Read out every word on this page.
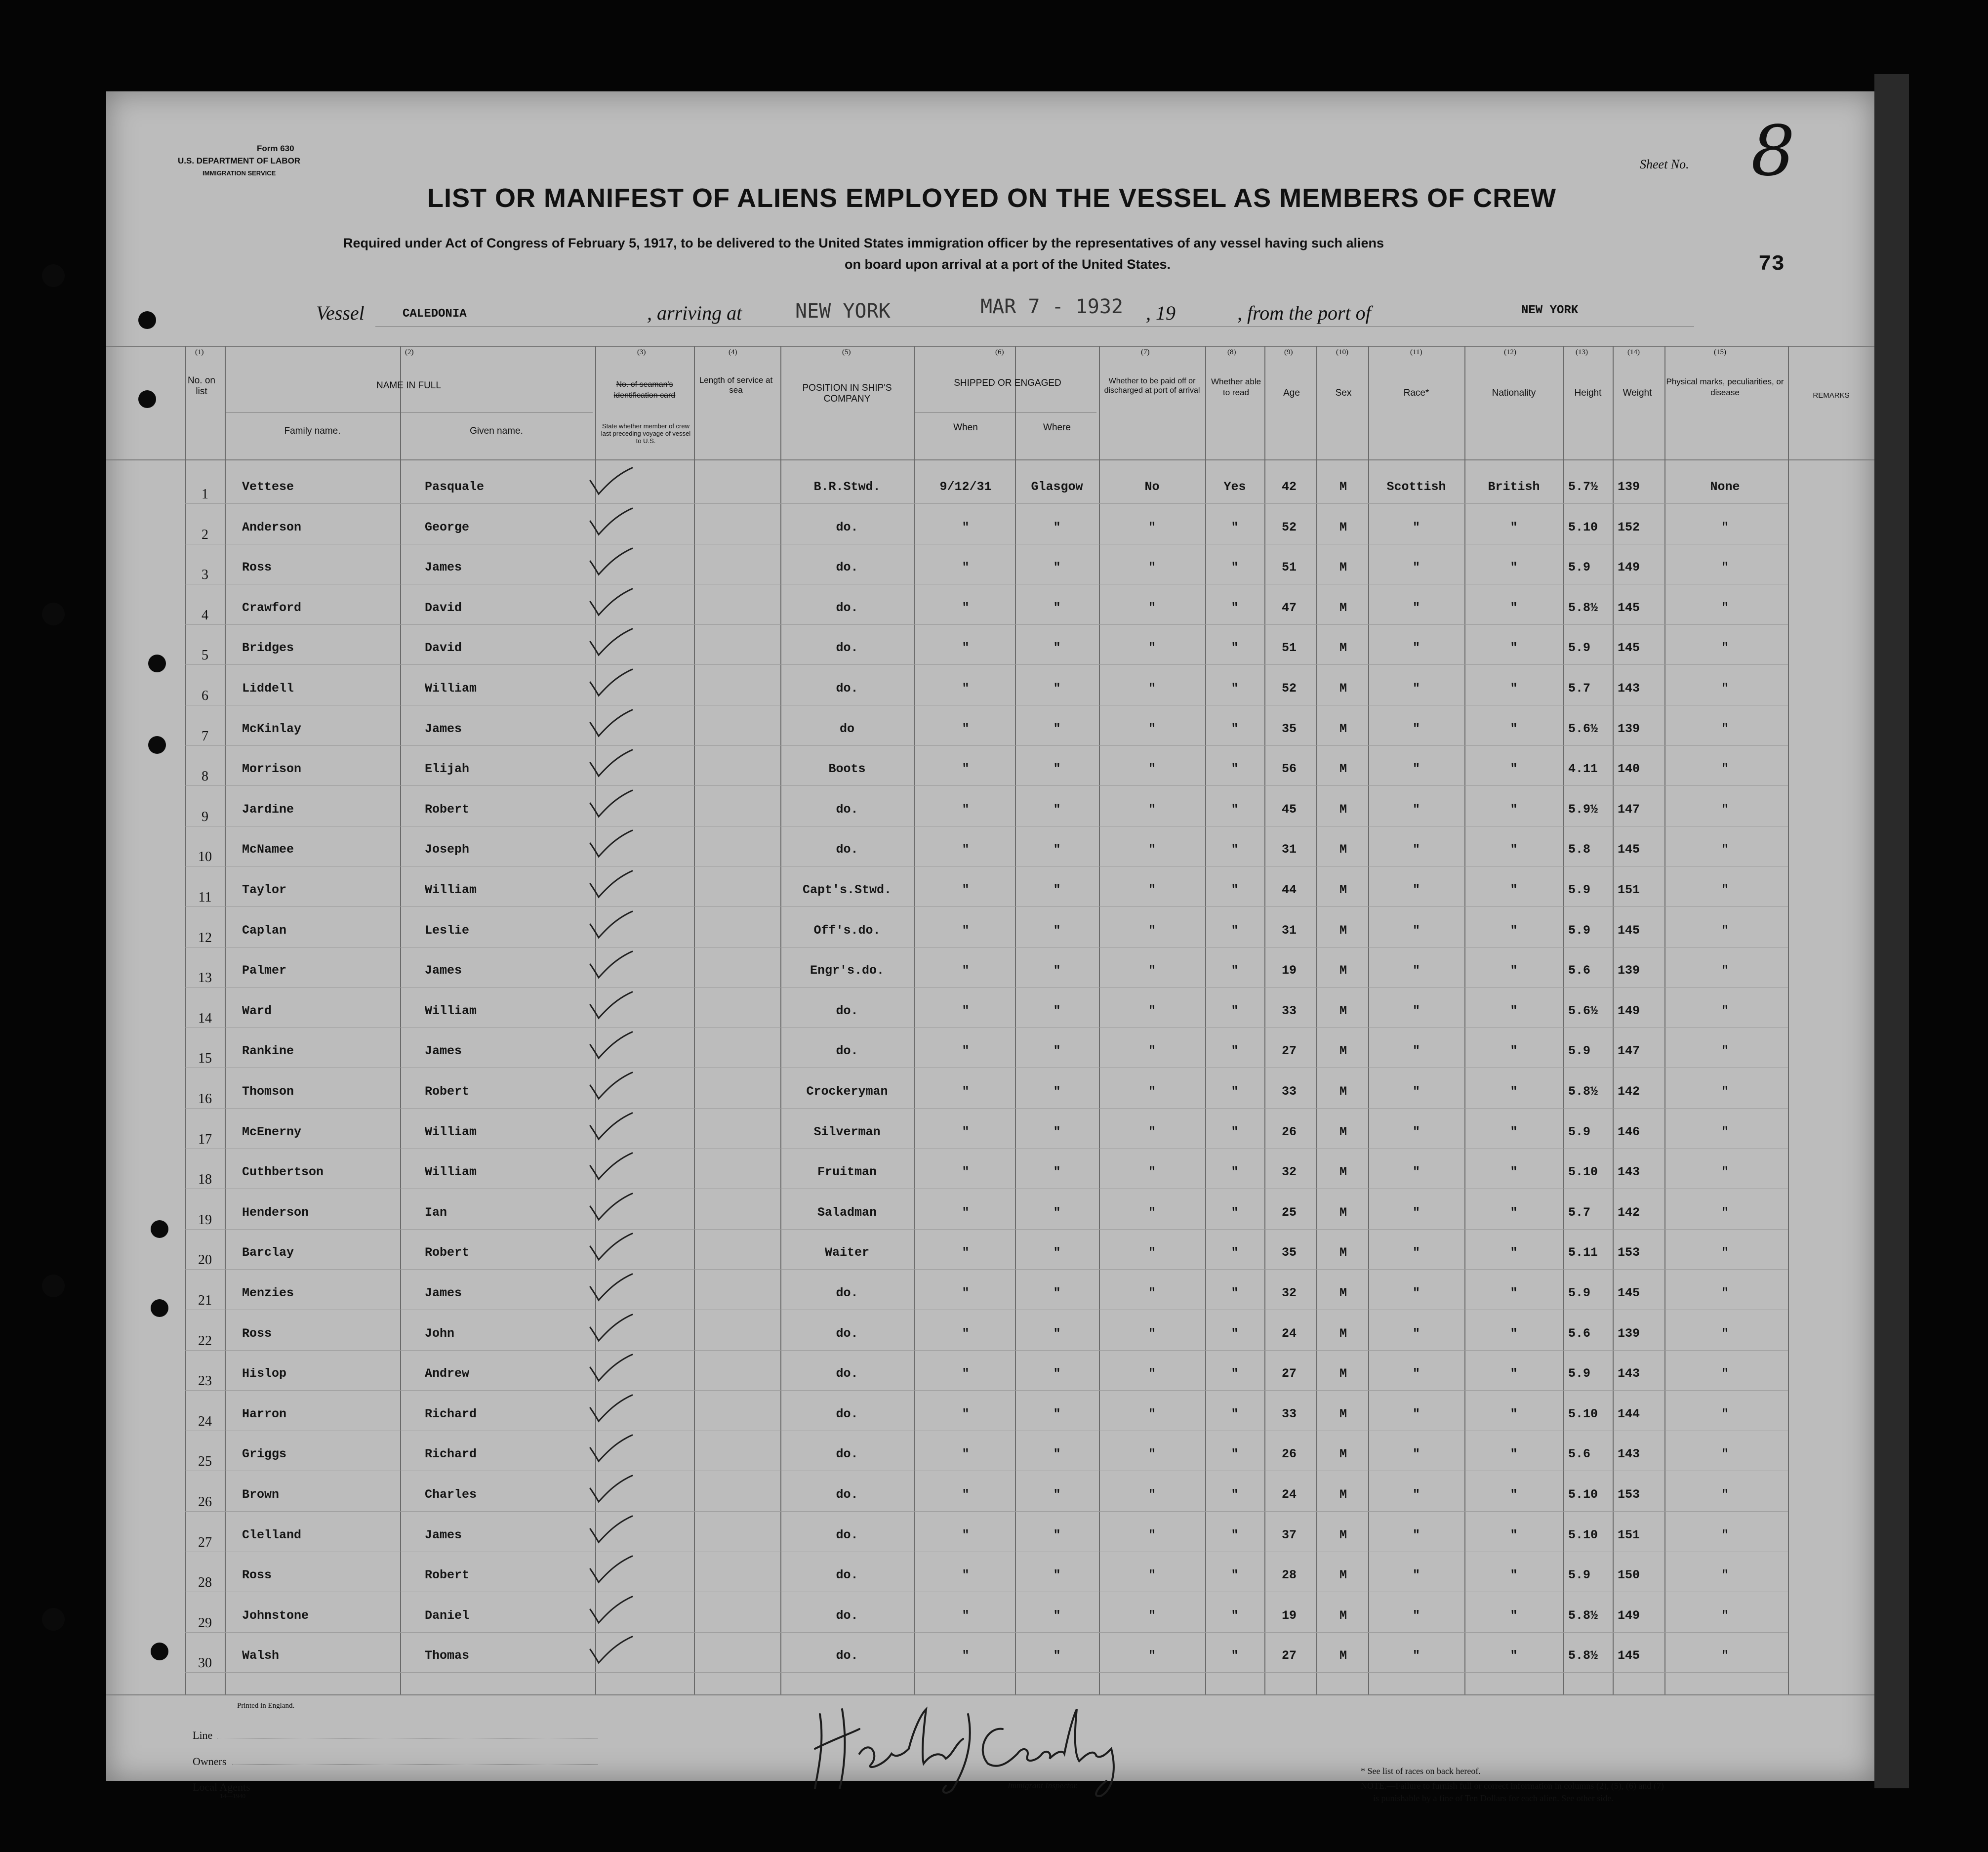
Form 630
U.S. DEPARTMENT OF LABOR
IMMIGRATION SERVICE
Sheet No. 8
73
LIST OR MANIFEST OF ALIENS EMPLOYED ON THE VESSEL AS MEMBERS OF CREW
Required under Act of Congress of February 5, 1917, to be delivered to the United States immigration officer by the representatives of any vessel having such aliens
on board upon arrival at a port of the United States.
Vessel	CALEDONIA	, arriving at	NEW YORK	MAR 7 - 1932 , 19	, from the port of	NEW YORK
(1)	(2)	(3)	(4)	(5)	(6)	(7)	(8)	(9)	(10)	(11)	(12)	(13)	(14)	(15)
No. on list
NAME IN FULL
Family name.	Given name.
No. of seaman's identification card
State whether member of crew last preceding voyage of vessel to U.S.
Length of service at sea	POSITION IN SHIP'S COMPANY
SHIPPED OR ENGAGED
When	Where
Whether to be paid off or discharged at port of arrival
Whether able to read	Age	Sex	Race*	Nationality	Height	Weight
Physical marks, peculiarities, or disease	REMARKS
1	Vettese	Pasquale	B.R.Stwd.	9/12/31	Glasgow	No	Yes	42	M	Scottish	British	5.7½ 139	None
2	Anderson	George	do.	"	"	"	"	52	M	"	"	5.10 152	"
3	Ross	James	do.	"	"	"	"	51	M	"	"	5.9 149	"
4	Crawford	David	do.	"	"	"	"	47	M	"	"	5.8½ 145	"
5	Bridges	David	do.	"	"	"	"	51	M	"	"	5.9 145	"
6	Liddell	William	do.	"	"	"	"	52	M	"	"	5.7 143	"
7	McKinlay	James	do	"	"	"	"	35	M	"	"	5.6½ 139	"
8	Morrison	Elijah	Boots	"	"	"	"	56	M	"	"	4.11 140	"
9	Jardine	Robert	do.	"	"	"	"	45	M	"	"	5.9½ 147	"
10	McNamee	Joseph	do.	"	"	"	"	31	M	"	"	5.8 145	"
11	Taylor	William	Capt's.Stwd.	"	"	"	"	44	M	"	"	5.9 151	"
12	Caplan	Leslie	Off's.do.	"	"	"	"	31	M	"	"	5.9 145	"
13	Palmer	James	Engr's.do.	"	"	"	"	19	M	"	"	5.6 139	"
14	Ward	William	do.	"	"	"	"	33	M	"	"	5.6½ 149	"
15	Rankine	James	do.	"	"	"	"	27	M	"	"	5.9 147	"
16	Thomson	Robert	Crockeryman	"	"	"	"	33	M	"	"	5.8½ 142	"
17	McEnerny	William	Silverman	"	"	"	"	26	M	"	"	5.9 146	"
18	Cuthbertson	William	Fruitman	"	"	"	"	32	M	"	"	5.10 143	"
19	Henderson	Ian	Saladman	"	"	"	"	25	M	"	"	5.7 142	"
20	Barclay	Robert	Waiter	"	"	"	"	35	M	"	"	5.11 153	"
21	Menzies	James	do.	"	"	"	"	32	M	"	"	5.9 145	"
22	Ross	John	do.	"	"	"	"	24	M	"	"	5.6 139	"
23	Hislop	Andrew	do.	"	"	"	"	27	M	"	"	5.9 143	"
24	Harron	Richard	do.	"	"	"	"	33	M	"	"	5.10 144	"
25	Griggs	Richard	do.	"	"	"	"	26	M	"	"	5.6 143	"
26	Brown	Charles	do.	"	"	"	"	24	M	"	"	5.10 153	"
27	Clelland	James	do.	"	"	"	"	37	M	"	"	5.10 151	"
28	Ross	Robert	do.	"	"	"	"	28	M	"	"	5.9 150	"
29	Johnstone	Daniel	do.	"	"	"	"	19	M	"	"	5.8½ 149	"
30	Walsh	Thomas	do.	"	"	"	"	27	M	"	"	5.8½ 145	"
Printed in England.
Line
Owners
Local Agents
14—1940
Immigrant Inspector.
* See list of races on back hereof.
NOTE.—Failure to furnish full or correct information in columns (2), (5), (6) and (7)
is punishable by a fine of Ten Dollars for each alien. See other side.
